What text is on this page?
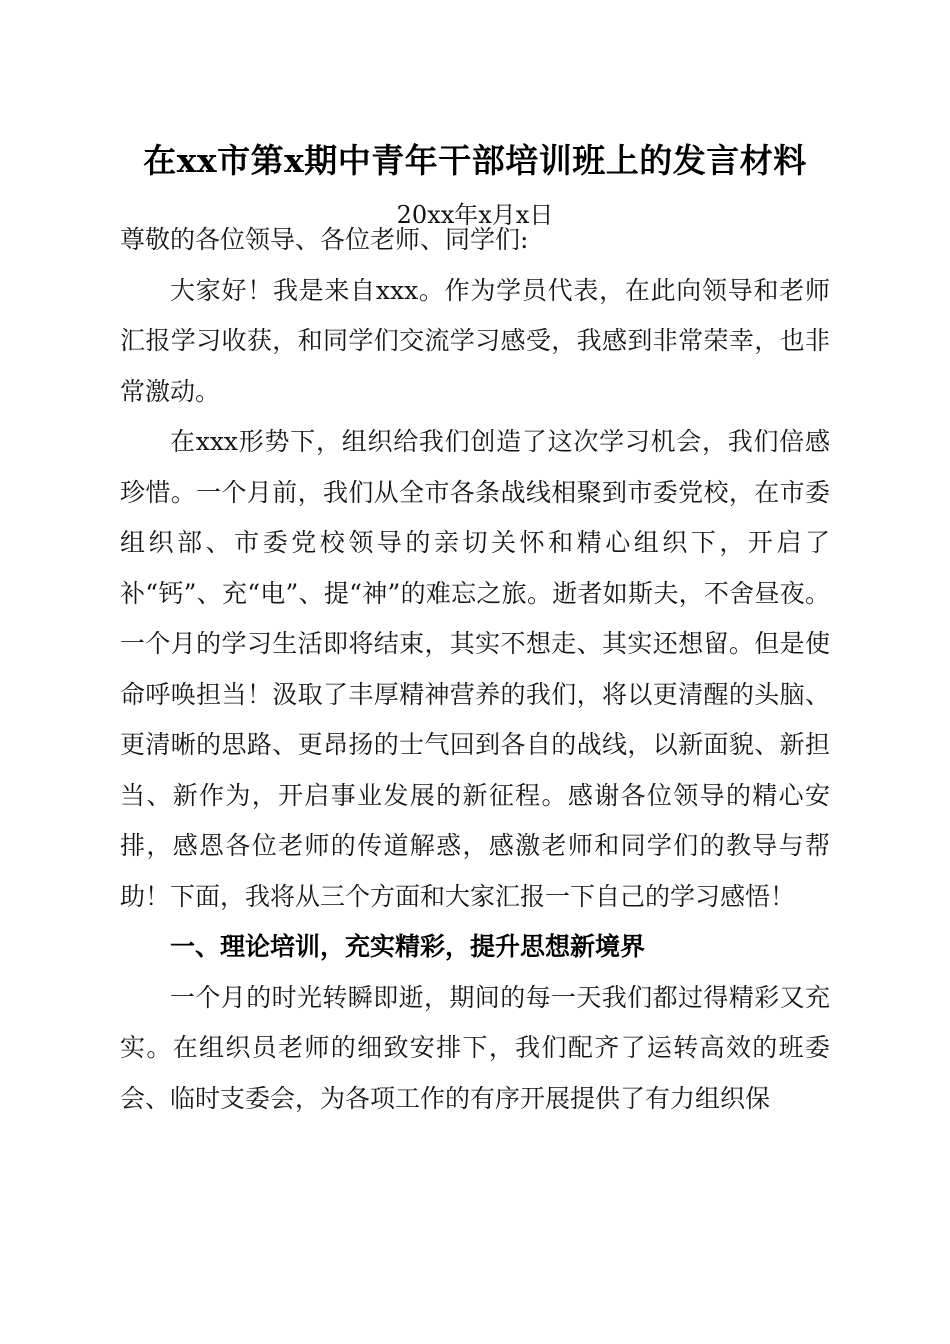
在xx市第x期中青年干部培训班上的发言材料
20xx年x月x日

尊敬的各位领导、各位老师、同学们:

大家好！我是来自xxx。作为学员代表，在此向领导和老师汇报学习收获，和同学们交流学习感受，我感到非常荣幸，也非常激动。

在xxx形势下，组织给我们创造了这次学习机会，我们倍感珍惜。一个月前，我们从全市各条战线相聚到市委党校，在市委组织部、市委党校领导的亲切关怀和精心组织下，开启了补“钙”、充“电”、提“神”的难忘之旅。逝者如斯夫，不舍昼夜。一个月的学习生活即将结束，其实不想走、其实还想留。但是使命呼唤担当！汲取了丰厚精神营养的我们，将以更清醒的头脑、更清晰的思路、更昂扬的士气回到各自的战线，以新面貌、新担当、新作为，开启事业发展的新征程。感谢各位领导的精心安排，感恩各位老师的传道解惑，感激老师和同学们的教导与帮助！下面，我将从三个方面和大家汇报一下自己的学习感悟！

一、理论培训，充实精彩，提升思想新境界

一个月的时光转瞬即逝，期间的每一天我们都过得精彩又充实。在组织员老师的细致安排下，我们配齐了运转高效的班委会、临时支委会，为各项工作的有序开展提供了有力组织保
